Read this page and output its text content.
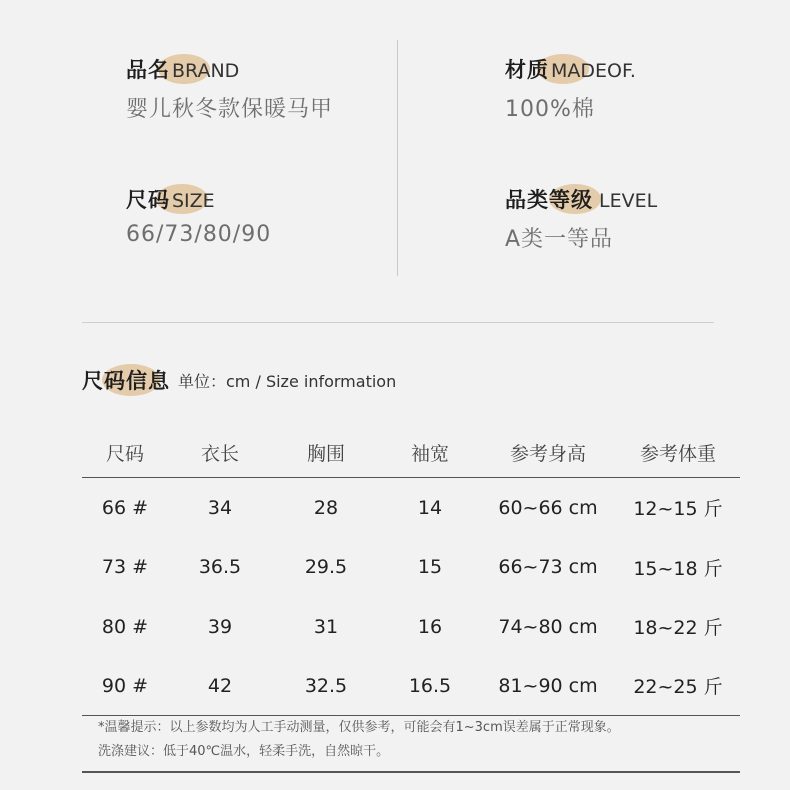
品名 BRAND
婴儿秋冬款保暖马甲
尺码 SIZE
66/73/80/90
材质 MADEOF.
100%棉
品类等级 LEVEL
A类一等品
尺码信息 单位：cm / Size information
尺码	衣长	胸围	袖宽	参考身高	参考体重
66 #	34	28	14	60~66 cm	12~15 斤
73 #	36.5	29.5	15	66~73 cm	15~18 斤
80 #	39	31	16	74~80 cm	18~22 斤
90 #	42	32.5	16.5	81~90 cm	22~25 斤
*温馨提示：以上参数均为人工手动测量，仅供参考，可能会有1~3cm误差属于正常现象。
洗涤建议：低于40℃温水，轻柔手洗，自然晾干。
